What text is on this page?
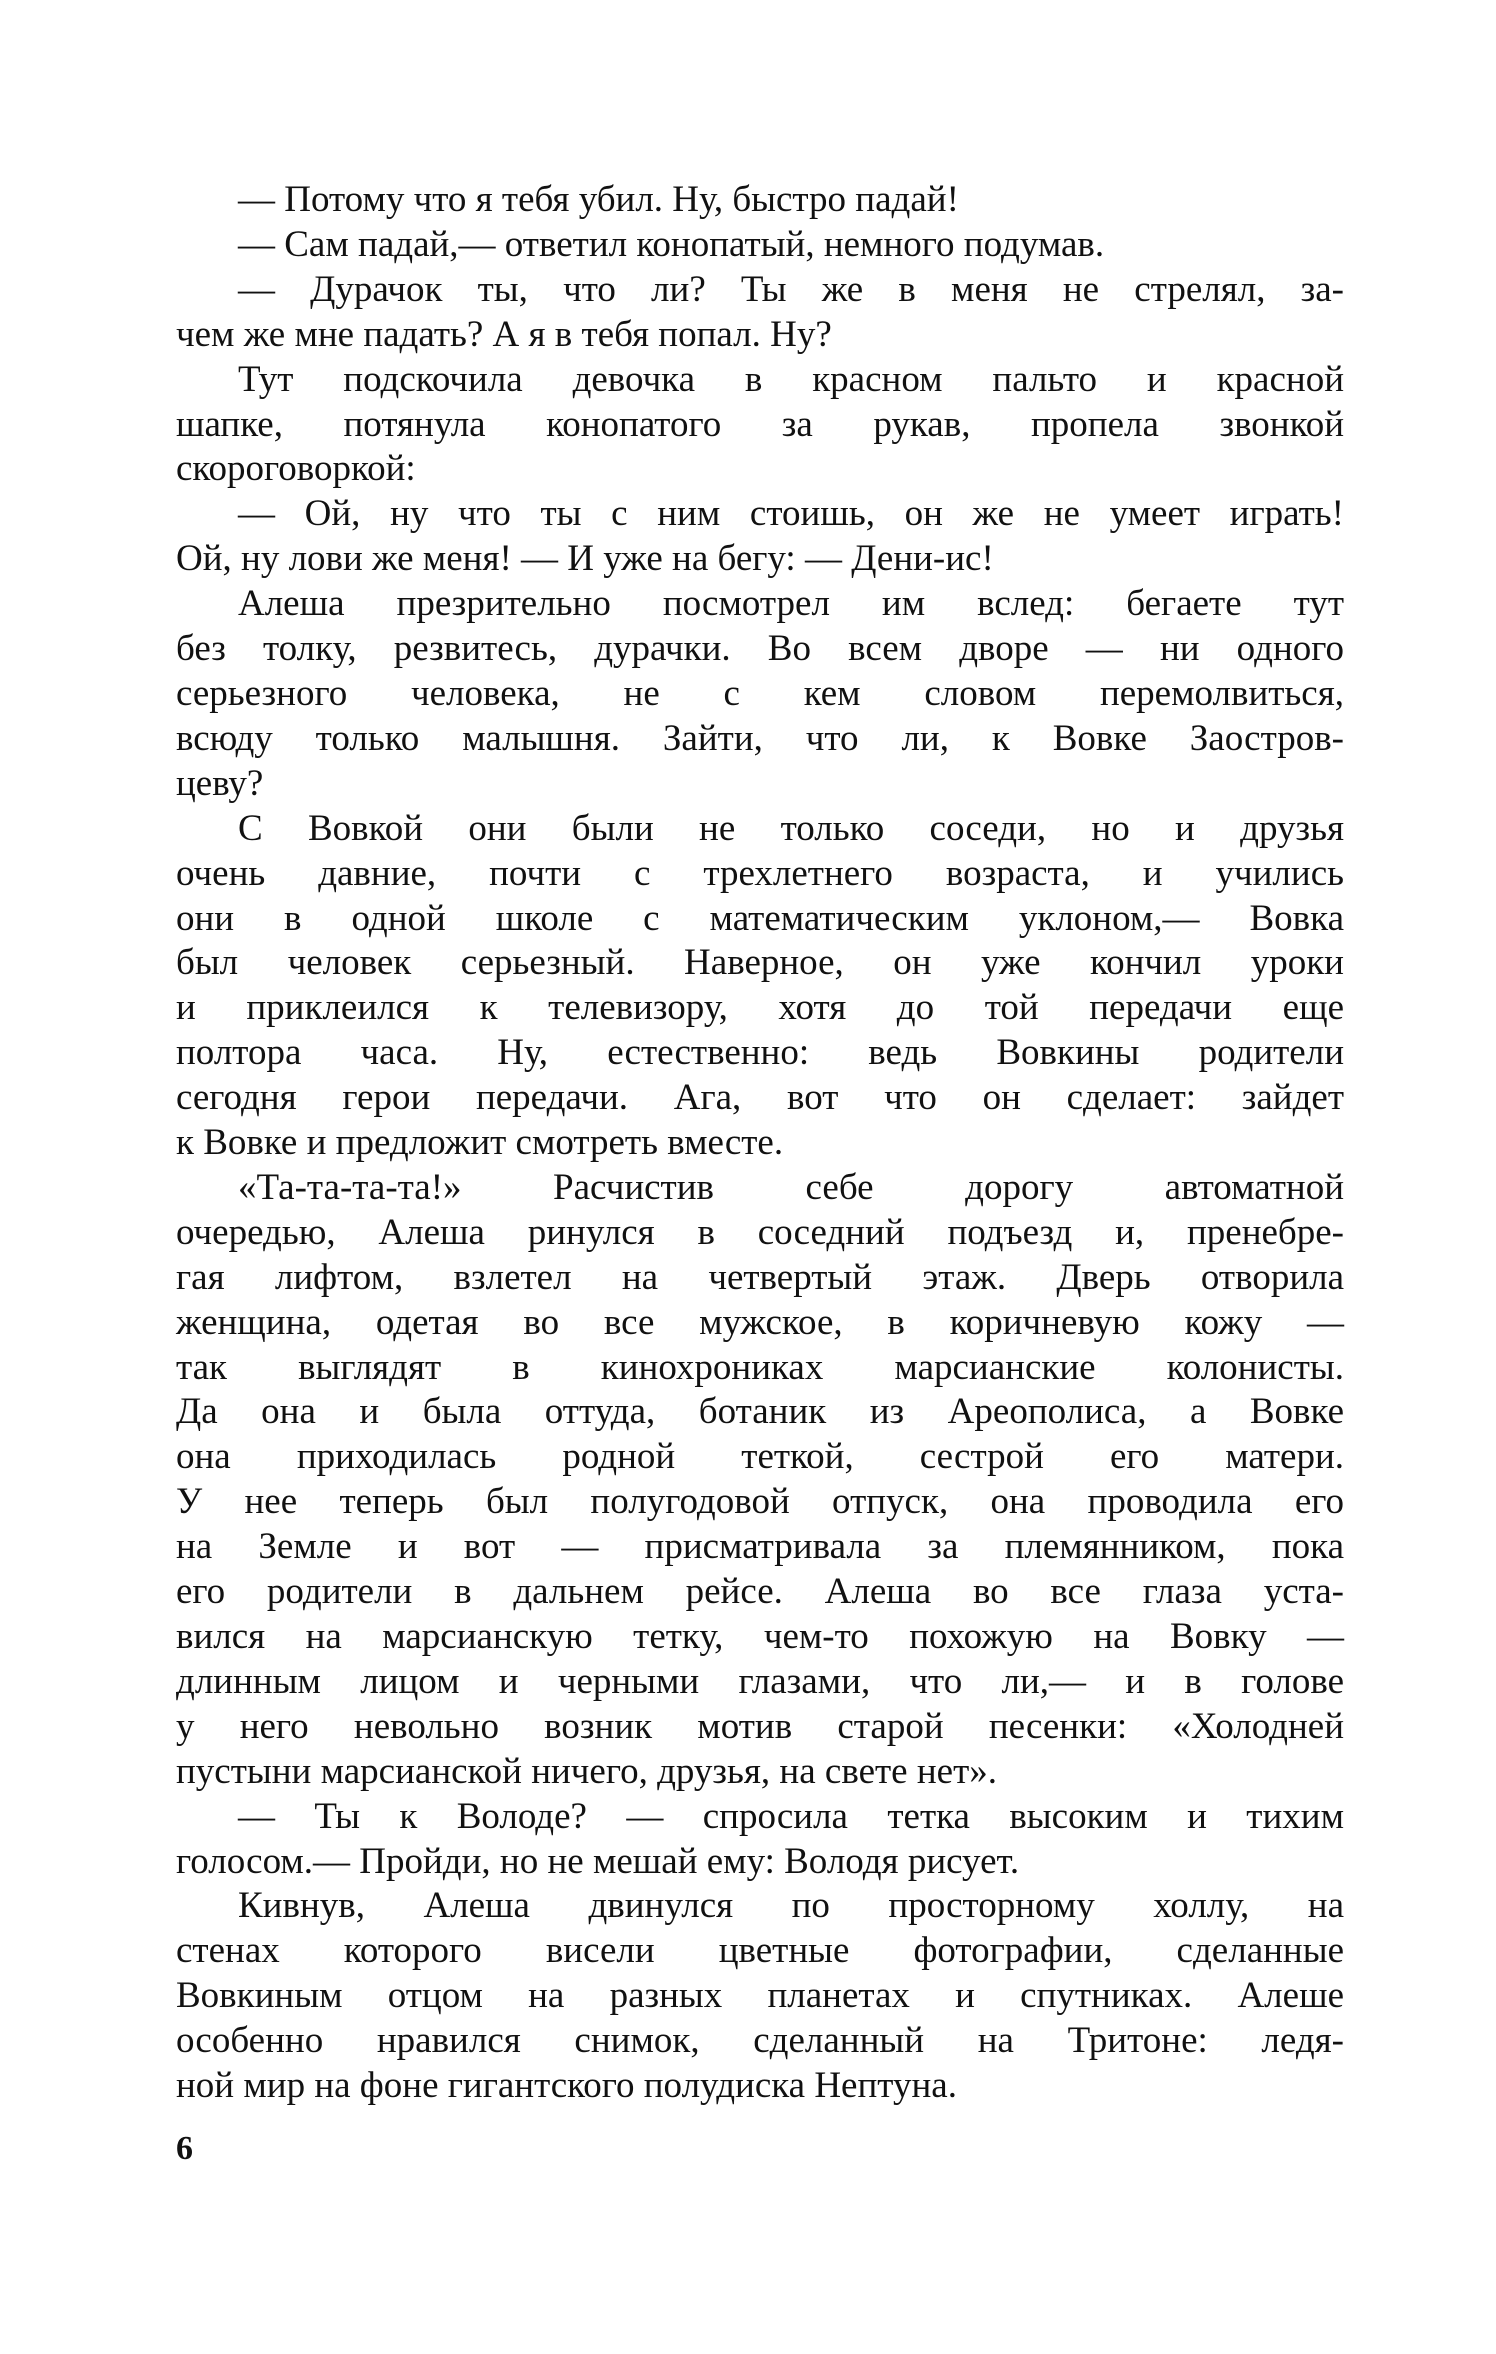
— Потому что я тебя убил. Ну, быстро падай!
— Сам падай,— ответил конопатый, немного подумав.
— Дурачок ты, что ли? Ты же в меня не стрелял, за-
чем же мне падать? А я в тебя попал. Ну?
Тут подскочила девочка в красном пальто и красной
шапке, потянула конопатого за рукав, пропела звонкой
скороговоркой:
— Ой, ну что ты с ним стоишь, он же не умеет играть!
Ой, ну лови же меня! — И уже на бегу: — Дени-ис!
Алеша презрительно посмотрел им вслед: бегаете тут
без толку, резвитесь, дурачки. Во всем дворе — ни одного
серьезного человека, не с кем словом перемолвиться,
всюду только малышня. Зайти, что ли, к Вовке Заостров-
цеву?
С Вовкой они были не только соседи, но и друзья
очень давние, почти с трехлетнего возраста, и учились
они в одной школе с математическим уклоном,— Вовка
был человек серьезный. Наверное, он уже кончил уроки
и приклеился к телевизору, хотя до той передачи еще
полтора часа. Ну, естественно: ведь Вовкины родители
сегодня герои передачи. Ага, вот что он сделает: зайдет
к Вовке и предложит смотреть вместе.
«Та-та-та-та!» Расчистив себе дорогу автоматной
очередью, Алеша ринулся в соседний подъезд и, пренебре-
гая лифтом, взлетел на четвертый этаж. Дверь отворила
женщина, одетая во все мужское, в коричневую кожу —
так выглядят в кинохрониках марсианские колонисты.
Да она и была оттуда, ботаник из Ареополиса, а Вовке
она приходилась родной теткой, сестрой его матери.
У нее теперь был полугодовой отпуск, она проводила его
на Земле и вот — присматривала за племянником, пока
его родители в дальнем рейсе. Алеша во все глаза уста-
вился на марсианскую тетку, чем-то похожую на Вовку —
длинным лицом и черными глазами, что ли,— и в голове
у него невольно возник мотив старой песенки: «Холодней
пустыни марсианской ничего, друзья, на свете нет».
— Ты к Володе? — спросила тетка высоким и тихим
голосом.— Пройди, но не мешай ему: Володя рисует.
Кивнув, Алеша двинулся по просторному холлу, на
стенах которого висели цветные фотографии, сделанные
Вовкиным отцом на разных планетах и спутниках. Алеше
особенно нравился снимок, сделанный на Тритоне: ледя-
ной мир на фоне гигантского полудиска Нептуна.
6
